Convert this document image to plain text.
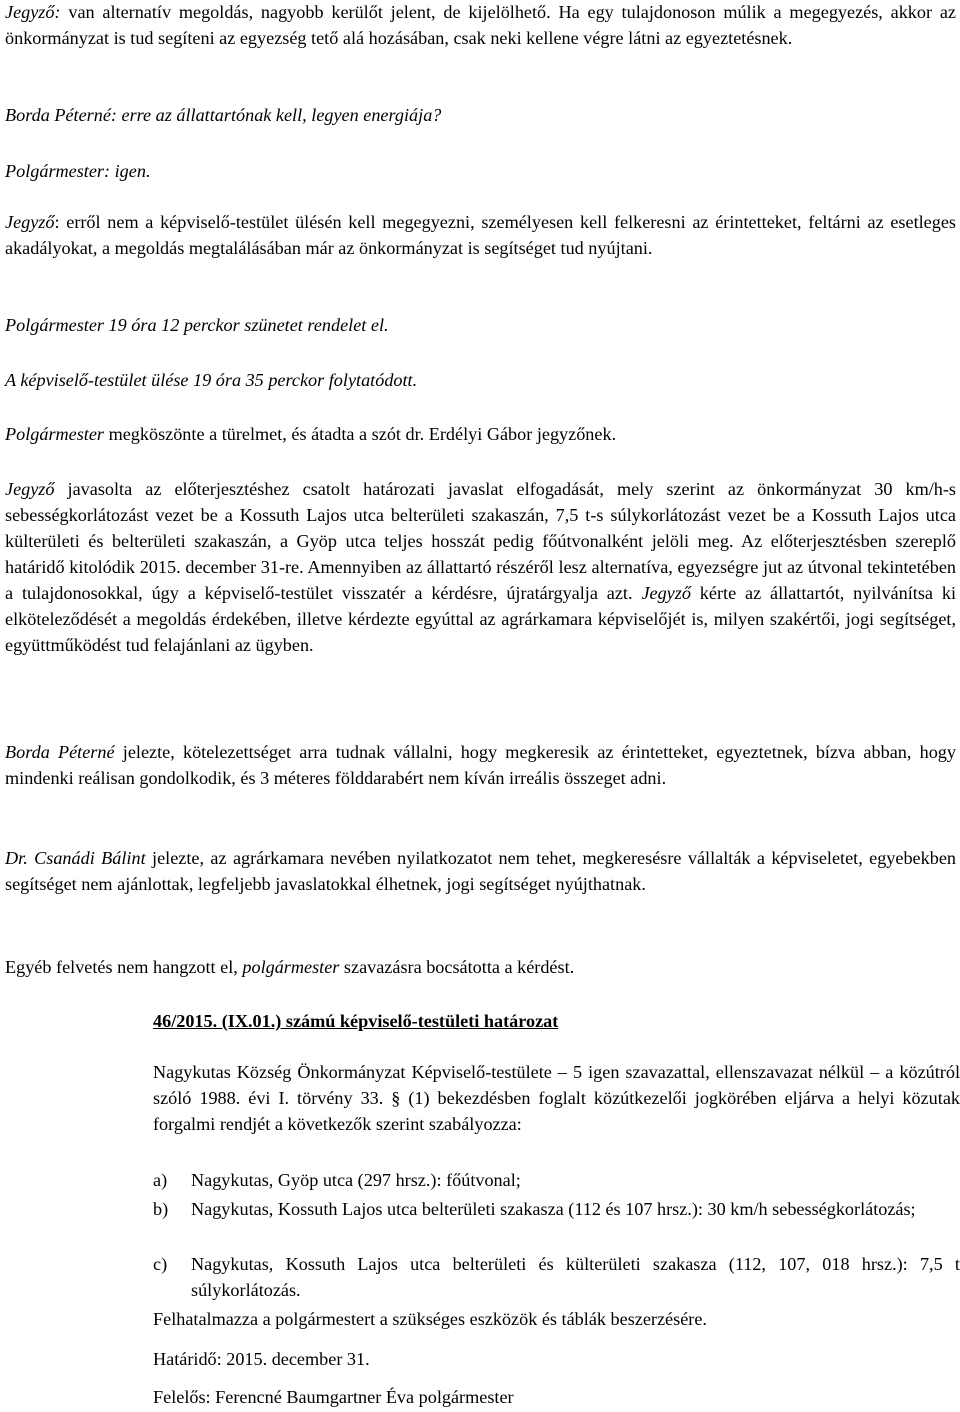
Jegyző: van alternatív megoldás, nagyobb kerülőt jelent, de kijelölhető. Ha egy tulajdonoson múlik a megegyezés, akkor az önkormányzat is tud segíteni az egyezség tető alá hozásában, csak neki kellene végre látni az egyeztetésnek.

Borda Péterné: erre az állattartónak kell, legyen energiája?

Polgármester: igen.

Jegyző: erről nem a képviselő-testület ülésén kell megegyezni, személyesen kell felkeresni az érintetteket, feltárni az esetleges akadályokat, a megoldás megtalálásában már az önkormányzat is segítséget tud nyújtani.

Polgármester 19 óra 12 perckor szünetet rendelet el.

A képviselő-testület ülése 19 óra 35 perckor folytatódott.

Polgármester megköszönte a türelmet, és átadta a szót dr. Erdélyi Gábor jegyzőnek.

Jegyző javasolta az előterjesztéshez csatolt határozati javaslat elfogadását, mely szerint az önkormányzat 30 km/h-s sebességkorlátozást vezet be a Kossuth Lajos utca belterületi szakaszán, 7,5 t-s súlykorlátozást vezet be a Kossuth Lajos utca külterületi és belterületi szakaszán, a Gyöp utca teljes hosszát pedig főútvonalként jelöli meg. Az előterjesztésben szereplő határidő kitolódik 2015. december 31-re. Amennyiben az állattartó részéről lesz alternatíva, egyezségre jut az útvonal tekintetében a tulajdonosokkal, úgy a képviselő-testület visszatér a kérdésre, újratárgyalja azt. Jegyző kérte az állattartót, nyilvánítsa ki elköteleződését a megoldás érdekében, illetve kérdezte egyúttal az agrárkamara képviselőjét is, milyen szakértői, jogi segítséget, együttműködést tud felajánlani az ügyben.

Borda Péterné jelezte, kötelezettséget arra tudnak vállalni, hogy megkeresik az érintetteket, egyeztetnek, bízva abban, hogy mindenki reálisan gondolkodik, és 3 méteres földdarabért nem kíván irreális összeget adni.

Dr. Csanádi Bálint jelezte, az agrárkamara nevében nyilatkozatot nem tehet, megkeresésre vállalták a képviseletet, egyebekben segítséget nem ajánlottak, legfeljebb javaslatokkal élhetnek, jogi segítséget nyújthatnak.

Egyéb felvetés nem hangzott el, polgármester szavazásra bocsátotta a kérdést.

46/2015. (IX.01.) számú képviselő-testületi határozat

Nagykutas Község Önkormányzat Képviselő-testülete – 5 igen szavazattal, ellenszavazat nélkül – a közútról szóló 1988. évi I. törvény 33. § (1) bekezdésben foglalt közútkezelői jogkörében eljárva a helyi közutak forgalmi rendjét a következők szerint szabályozza:

a) Nagykutas, Gyöp utca (297 hrsz.): főútvonal;
b) Nagykutas, Kossuth Lajos utca belterületi szakasza (112 és 107 hrsz.): 30 km/h sebességkorlátozás;
c) Nagykutas, Kossuth Lajos utca belterületi és külterületi szakasza (112, 107, 018 hrsz.): 7,5 t súlykorlátozás.

Felhatalmazza a polgármestert a szükséges eszközök és táblák beszerzésére.

Határidő: 2015. december 31.

Felelős: Ferencné Baumgartner Éva polgármester
